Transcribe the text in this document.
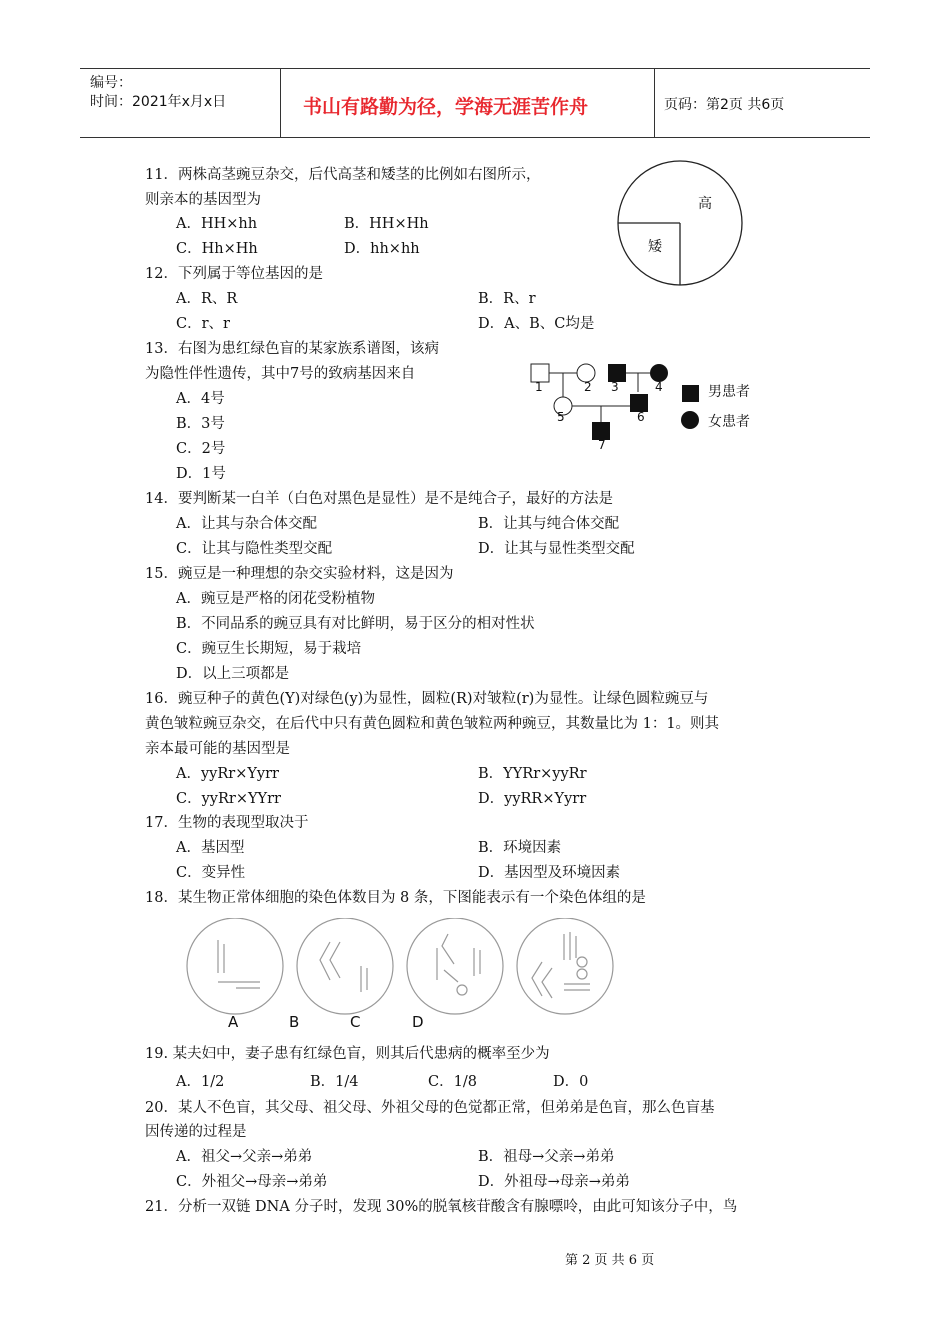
编号：
时间：2021年x月x日	书山有路勤为径，学海无涯苦作舟	页码：第2页 共6页
11．两株高茎豌豆杂交，后代高茎和矮茎的比例如右图所示，
则亲本的基因型为
A．HH×hh	B．HH×Hh
C．Hh×Hh	D．hh×hh
高
矮
12．下列属于等位基因的是
A．R、R	B．R、r
C．r、r	D．A、B、C均是
13．右图为患红绿色盲的某家族系谱图，该病
为隐性伴性遗传，其中7号的致病基因来自
A．4号
B．3号
C．2号
D．1号
1	2 3	4
5	6
7
男患者
女患者
14．要判断某一白羊（白色对黑色是显性）是不是纯合子，最好的方法是
A．让其与杂合体交配	B．让其与纯合体交配
C．让其与隐性类型交配	D．让其与显性类型交配
15．豌豆是一种理想的杂交实验材料，这是因为
A．豌豆是严格的闭花受粉植物
B．不同品系的豌豆具有对比鲜明，易于区分的相对性状
C．豌豆生长期短，易于栽培
D．以上三项都是
16．豌豆种子的黄色(Y)对绿色(y)为显性，圆粒(R)对皱粒(r)为显性。让绿色圆粒豌豆与
黄色皱粒豌豆杂交，在后代中只有黄色圆粒和黄色皱粒两种豌豆，其数量比为 1：1。则其
亲本最可能的基因型是
A．yyRr×Yyrr	B．YYRr×yyRr
C．yyRr×YYrr	D．yyRR×Yyrr
17．生物的表现型取决于
A．基因型	B．环境因素
C．变异性	D．基因型及环境因素
18．某生物正常体细胞的染色体数目为 8 条，下图能表示有一个染色体组的是
A	B	C	D
19. 某夫妇中，妻子患有红绿色盲，则其后代患病的概率至少为
A．1/2	B．1/4	C．1/8	D．0
20．某人不色盲，其父母、祖父母、外祖父母的色觉都正常，但弟弟是色盲，那么色盲基
因传递的过程是
A．祖父→父亲→弟弟	B．祖母→父亲→弟弟
C．外祖父→母亲→弟弟	D．外祖母→母亲→弟弟
21．分析一双链 DNA 分子时，发现 30%的脱氧核苷酸含有腺嘌呤，由此可知该分子中，鸟
第 2 页 共 6 页
